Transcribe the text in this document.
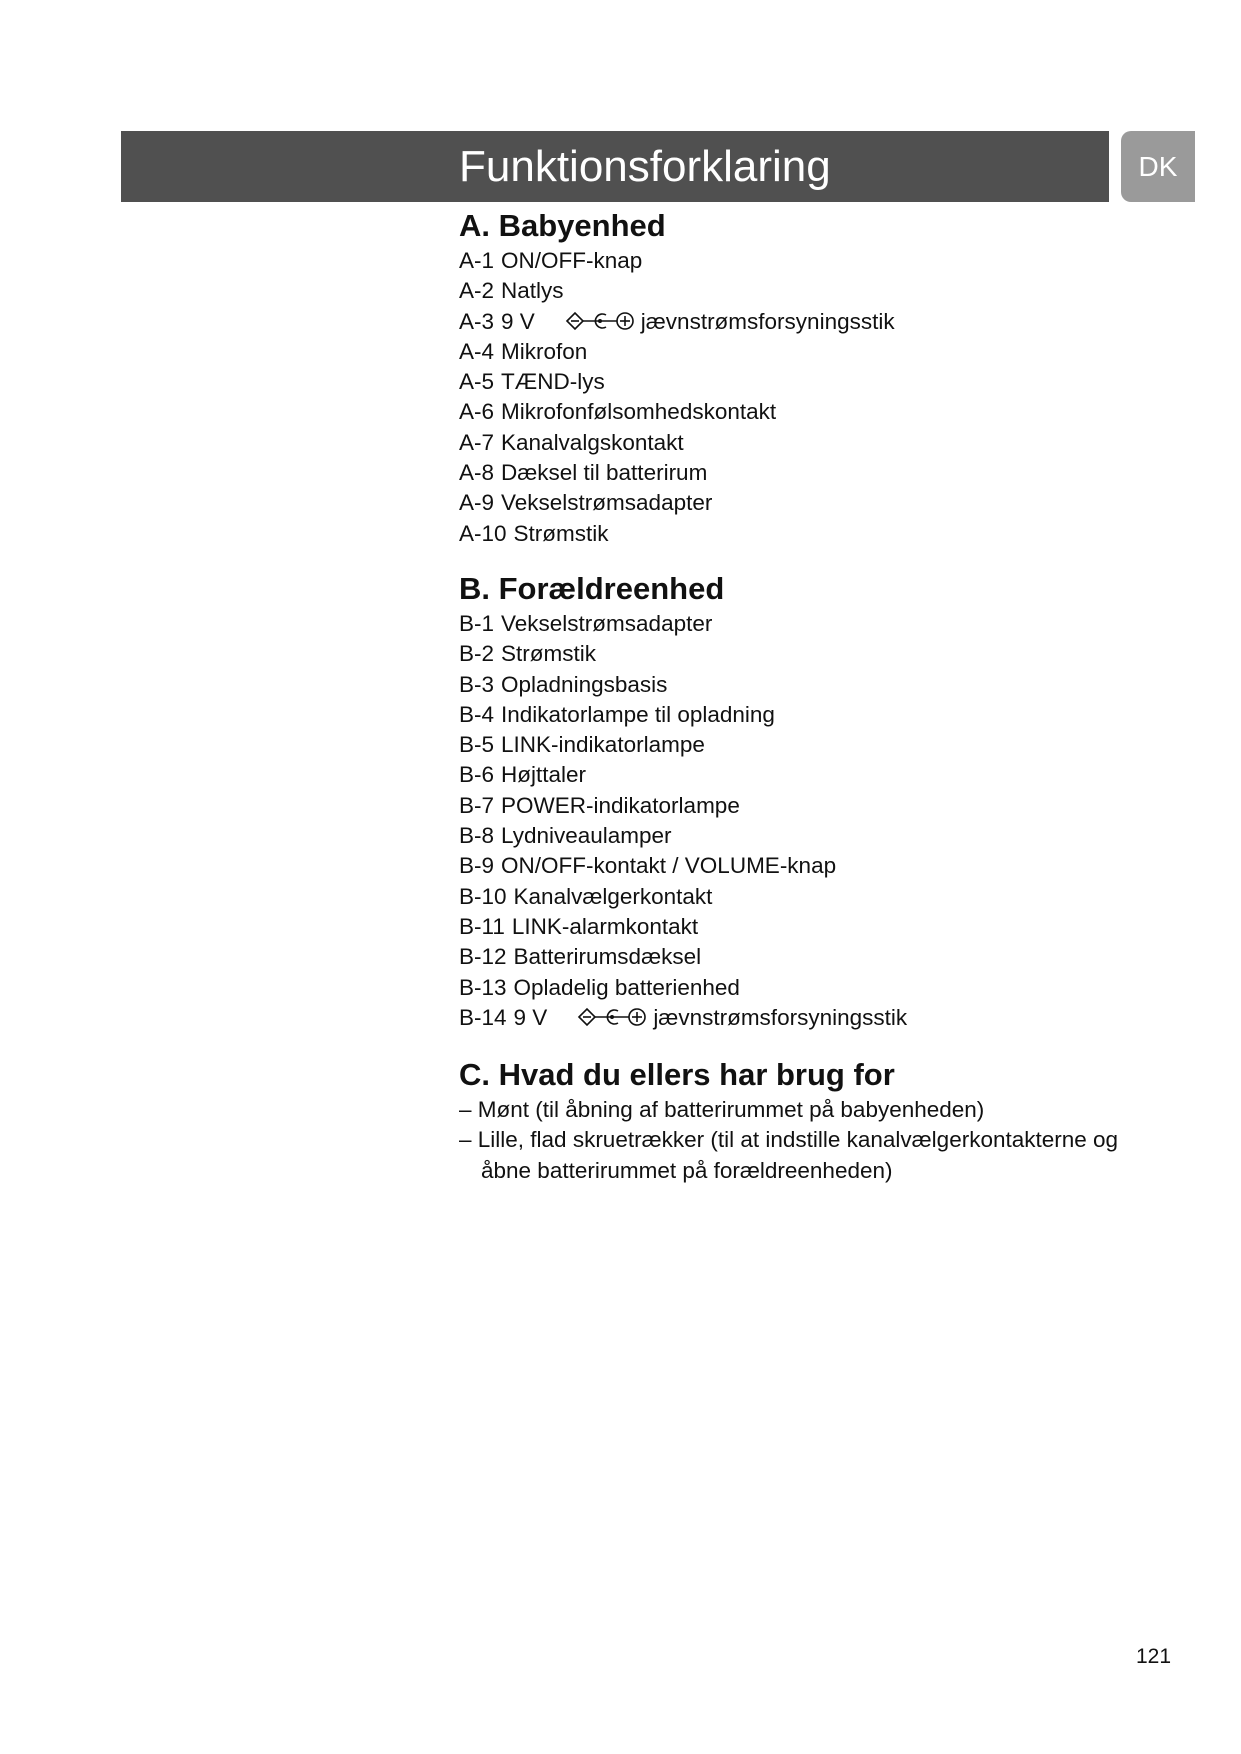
Funktionsforklaring	DK
A. Babyenhed
A-1 ON/OFF-knap
A-2 Natlys
A-3 9 V	jævnstrømsforsyningsstik
A-4 Mikrofon
A-5 TÆND-lys
A-6 Mikrofonfølsomhedskontakt
A-7 Kanalvalgskontakt
A-8 Dæksel til batterirum
A-9 Vekselstrømsadapter
A-10 Strømstik
B. Forældreenhed
B-1 Vekselstrømsadapter
B-2 Strømstik
B-3 Opladningsbasis
B-4 Indikatorlampe til opladning
B-5 LINK-indikatorlampe
B-6 Højttaler
B-7 POWER-indikatorlampe
B-8 Lydniveaulamper
B-9 ON/OFF-kontakt / VOLUME-knap
B-10 Kanalvælgerkontakt
B-11 LINK-alarmkontakt
B-12 Batterirumsdæksel
B-13 Opladelig batterienhed
B-14 9 V	jævnstrømsforsyningsstik
C. Hvad du ellers har brug for
– Mønt (til åbning af batterirummet på babyenheden)
– Lille, flad skruetrækker (til at indstille kanalvælgerkontakterne og åbne batterirummet på forældreenheden)
121
